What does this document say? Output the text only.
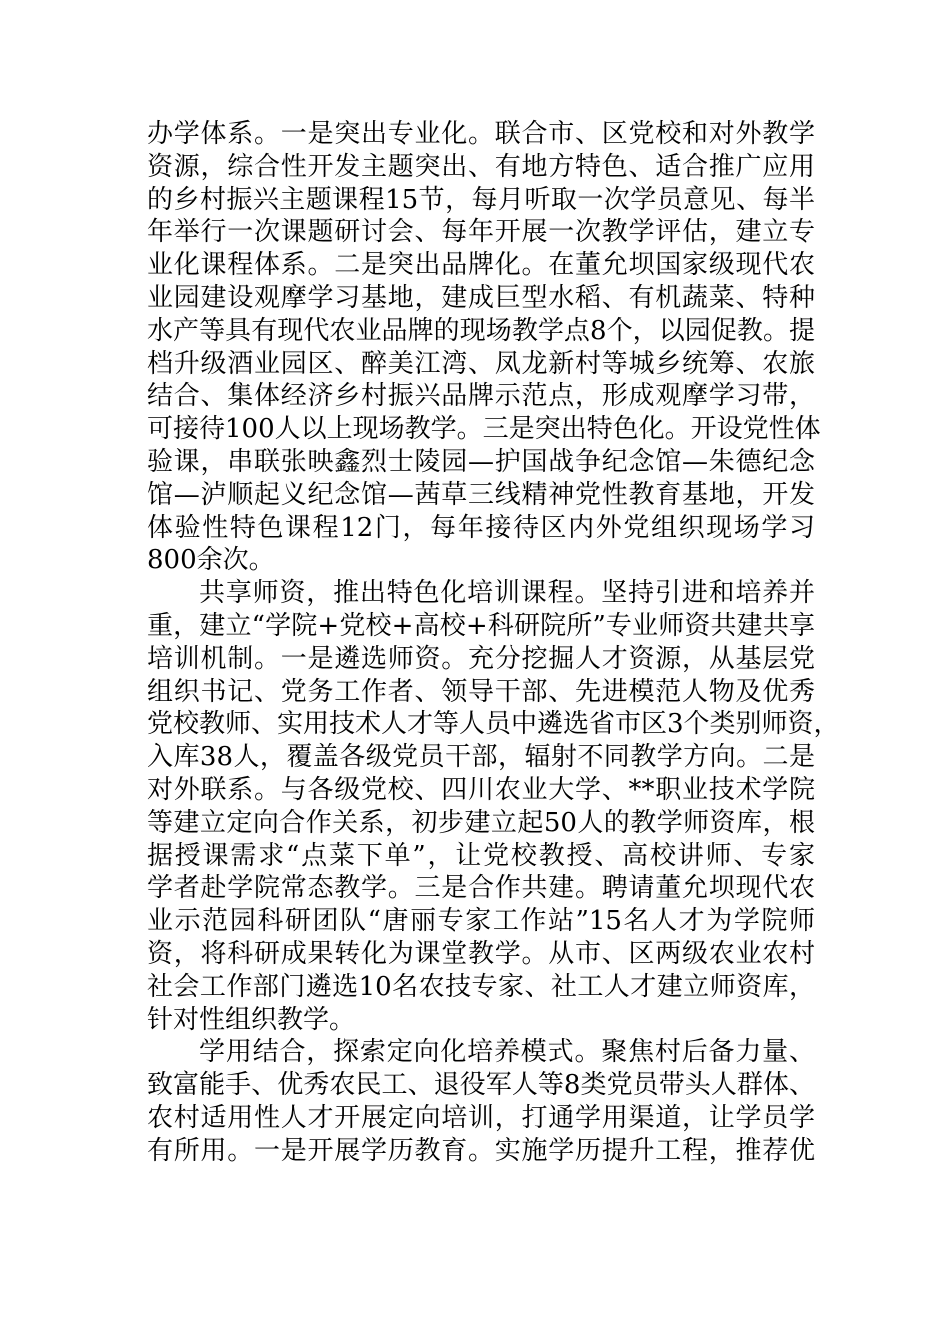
办学体系。一是突出专业化。联合市、区党校和对外教学
资源，综合性开发主题突出、有地方特色、适合推广应用
的乡村振兴主题课程15节，每月听取一次学员意见、每半
年举行一次课题研讨会、每年开展一次教学评估，建立专
业化课程体系。二是突出品牌化。在董允坝国家级现代农
业园建设观摩学习基地，建成巨型水稻、有机蔬菜、特种
水产等具有现代农业品牌的现场教学点8个，以园促教。提
档升级酒业园区、醉美江湾、凤龙新村等城乡统筹、农旅
结合、集体经济乡村振兴品牌示范点，形成观摩学习带，
可接待100人以上现场教学。三是突出特色化。开设党性体
验课，串联张映鑫烈士陵园—护国战争纪念馆—朱德纪念
馆—泸顺起义纪念馆—茜草三线精神党性教育基地，开发
体验性特色课程12门，每年接待区内外党组织现场学习
800余次。
共享师资，推出特色化培训课程。坚持引进和培养并
重，建立“学院+党校+高校+科研院所”专业师资共建共享
培训机制。一是遴选师资。充分挖掘人才资源，从基层党
组织书记、党务工作者、领导干部、先进模范人物及优秀
党校教师、实用技术人才等人员中遴选省市区3个类别师资，
入库38人，覆盖各级党员干部，辐射不同教学方向。二是
对外联系。与各级党校、四川农业大学、**职业技术学院
等建立定向合作关系，初步建立起50人的教学师资库，根
据授课需求“点菜下单”，让党校教授、高校讲师、专家
学者赴学院常态教学。三是合作共建。聘请董允坝现代农
业示范园科研团队“唐丽专家工作站”15名人才为学院师
资，将科研成果转化为课堂教学。从市、区两级农业农村
社会工作部门遴选10名农技专家、社工人才建立师资库，
针对性组织教学。
学用结合，探索定向化培养模式。聚焦村后备力量、
致富能手、优秀农民工、退役军人等8类党员带头人群体、
农村适用性人才开展定向培训，打通学用渠道，让学员学
有所用。一是开展学历教育。实施学历提升工程，推荐优
